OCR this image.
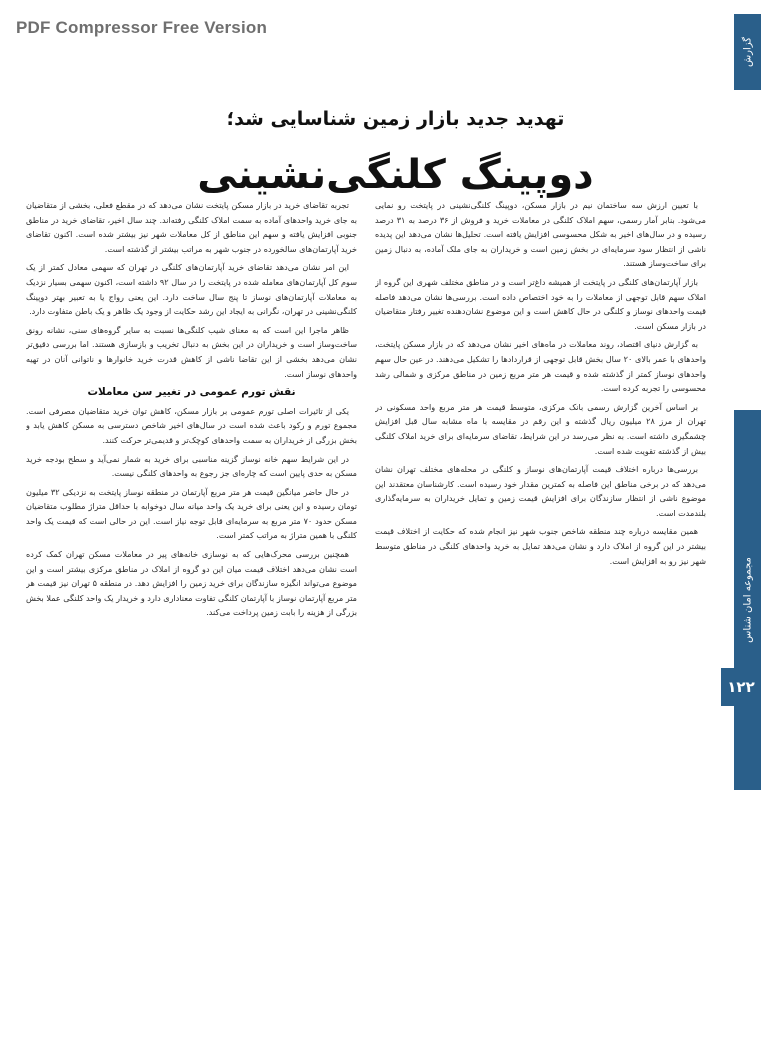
PDF Compressor Free Version
گزارش
مجموعه امان شناس
۱۲۲
تهدید جدید بازار زمین شناسایی شد؛
دوپینگ کلنگی‌نشینی

با تعیین ارزش سه ساختمان نیم در بازار مسکن، دوپینگ کلنگی‌نشینی در پایتخت رو نمایی می‌شود. بنابر آمار رسمی، سهم املاک کلنگی در معاملات خرید و فروش از ۳۶ درصد به ۳۱ درصد رسیده و در سال‌های اخیر به شکل محسوسی افزایش یافته است. تحلیل‌ها نشان می‌دهد این پدیده ناشی از انتظار سود سرمایه‌ای در بخش زمین است و خریداران به جای ملک آماده، به دنبال زمین برای ساخت‌وساز هستند.

بازار آپارتمان‌های کلنگی در پایتخت از همیشه داغ‌تر است و در مناطق مختلف شهری این گروه از املاک سهم قابل توجهی از معاملات را به خود اختصاص داده است. بررسی‌ها نشان می‌دهد فاصله قیمت واحدهای نوساز و کلنگی در حال کاهش است و این موضوع نشان‌دهنده تغییر رفتار متقاضیان در بازار مسکن است.

به گزارش دنیای اقتصاد، روند معاملات در ماه‌های اخیر نشان می‌دهد که در بازار مسکن پایتخت، واحدهای با عمر بالای ۲۰ سال بخش قابل توجهی از قراردادها را تشکیل می‌دهند. در عین حال سهم واحدهای نوساز کمتر از گذشته شده و قیمت هر متر مربع زمین در مناطق مرکزی و شمالی رشد محسوسی را تجربه کرده است.

بر اساس آخرین گزارش رسمی بانک مرکزی، متوسط قیمت هر متر مربع واحد مسکونی در تهران از مرز ۲۸ میلیون ریال گذشته و این رقم در مقایسه با ماه مشابه سال قبل افزایش چشمگیری داشته است. به نظر می‌رسد در این شرایط، تقاضای سرمایه‌ای برای خرید املاک کلنگی بیش از گذشته تقویت شده است.

بررسی‌ها درباره اختلاف قیمت آپارتمان‌های نوساز و کلنگی در محله‌های مختلف تهران نشان می‌دهد که در برخی مناطق این فاصله به کمترین مقدار خود رسیده است. کارشناسان معتقدند این موضوع ناشی از انتظار سازندگان برای افزایش قیمت زمین و تمایل خریداران به سرمایه‌گذاری بلندمدت است.

همین مقایسه درباره چند منطقه شاخص جنوب شهر نیز انجام شده که حکایت از اختلاف قیمت بیشتر در این گروه از املاک دارد و نشان می‌دهد تمایل به خرید واحدهای کلنگی در مناطق متوسط شهر نیز رو به افزایش است.

تجربه تقاضای خرید در بازار مسکن پایتخت نشان می‌دهد که در مقطع فعلی، بخشی از متقاضیان به جای خرید واحدهای آماده به سمت املاک کلنگی رفته‌اند. چند سال اخیر، تقاضای خرید در مناطق جنوبی افزایش یافته و سهم این مناطق از کل معاملات شهر نیز بیشتر شده است. اکنون تقاضای خرید آپارتمان‌های سالخورده در جنوب شهر به مراتب بیشتر از گذشته است.

این امر نشان می‌دهد تقاضای خرید آپارتمان‌های کلنگی در تهران که سهمی معادل کمتر از یک سوم کل آپارتمان‌های معامله شده در پایتخت را در سال ۹۲ داشته است، اکنون سهمی بسیار نزدیک به معاملات آپارتمان‌های نوساز تا پنج سال ساخت دارد. این یعنی رواج یا به تعبیر بهتر دوپینگ کلنگی‌نشینی در تهران، نگرانی به ایجاد این رشد حکایت از وجود یک ظاهر و یک باطن متفاوت دارد.

ظاهر ماجرا این است که به معنای شیب کلنگی‌ها نسبت به سایر گروه‌های سنی، نشانه رونق ساخت‌وساز است و خریداران در این بخش به دنبال تخریب و بازسازی هستند. اما بررسی دقیق‌تر نشان می‌دهد بخشی از این تقاضا ناشی از کاهش قدرت خرید خانوارها و ناتوانی آنان در تهیه واحدهای نوساز است.

نقش تورم عمومی در تغییر سن معاملات

یکی از تاثیرات اصلی تورم عمومی بر بازار مسکن، کاهش توان خرید متقاضیان مصرفی است. مجموع تورم و رکود باعث شده است در سال‌های اخیر شاخص دسترسی به مسکن کاهش یابد و بخش بزرگی از خریداران به سمت واحدهای کوچک‌تر و قدیمی‌تر حرکت کنند.

در این شرایط سهم خانه نوساز گزینه مناسبی برای خرید به شمار نمی‌آید و سطح بودجه خرید مسکن به حدی پایین است که چاره‌ای جز رجوع به واحدهای کلنگی نیست.

در حال حاضر میانگین قیمت هر متر مربع آپارتمان در منطقه نوساز پایتخت به نزدیکی ۳۲ میلیون تومان رسیده و این یعنی برای خرید یک واحد میانه سال دوخوابه با حداقل متراژ مطلوب متقاضیان مسکن حدود ۷۰ متر مربع به سرمایه‌ای قابل توجه نیاز است. این در حالی است که قیمت یک واحد کلنگی با همین متراژ به مراتب کمتر است.

همچنین بررسی محرک‌هایی که به نوسازی خانه‌های پیر در معاملات مسکن تهران کمک کرده است نشان می‌دهد اختلاف قیمت میان این دو گروه از املاک در مناطق مرکزی بیشتر است و این موضوع می‌تواند انگیزه سازندگان برای خرید زمین را افزایش دهد. در منطقه ۵ تهران نیز قیمت هر متر مربع آپارتمان نوساز با آپارتمان کلنگی تفاوت معناداری دارد و خریدار یک واحد کلنگی عملا بخش بزرگی از هزینه را بابت زمین پرداخت می‌کند.
